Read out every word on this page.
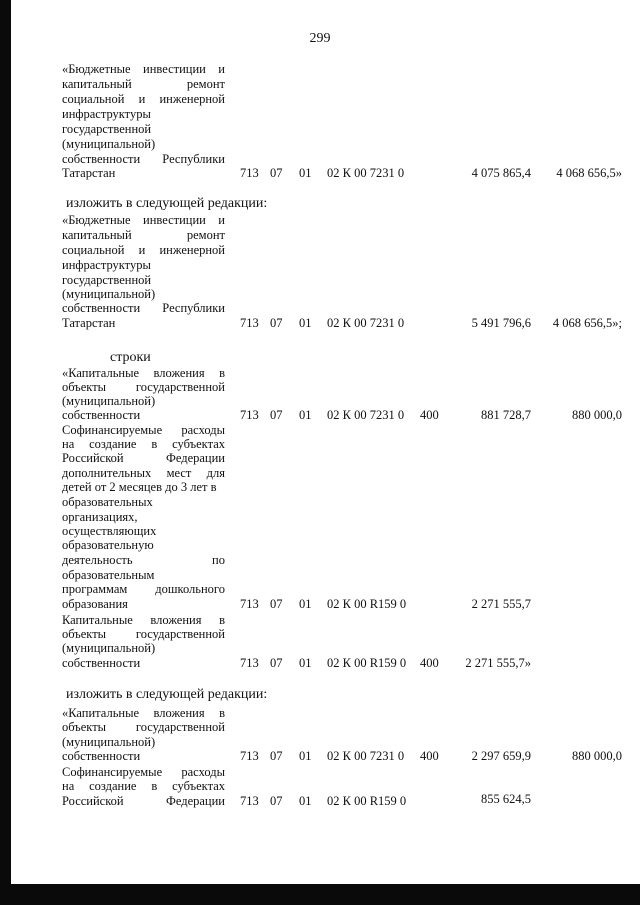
299
«Бюджетные инвестиции и
капитальный ремонт
социальной и инженерной
инфраструктуры
государственной
(муниципальной)
собственности Республики
Татарстан	713 07 01 02 К 00 7231 0	4 075 865,4	4 068 656,5»
изложить в следующей редакции:
«Бюджетные инвестиции и
капитальный ремонт
социальной и инженерной
инфраструктуры
государственной
(муниципальной)
собственности Республики
Татарстан	713 07 01 02 К 00 7231 0	5 491 796,6	4 068 656,5»;
строки
«Капитальные вложения в
объекты государственной
(муниципальной)
собственности	713 07 01 02 К 00 7231 0 400	881 728,7	880 000,0
Софинансируемые расходы
на создание в субъектах
Российской Федерации
дополнительных мест для
детей от 2 месяцев до 3 лет в
образовательных
организациях,
осуществляющих
образовательную
деятельность по
образовательным
программам дошкольного
образования	713 07 01 02 К 00 R159 0	2 271 555,7
Капитальные вложения в
объекты государственной
(муниципальной)
собственности	713 07 01 02 К 00 R159 0 400	2 271 555,7»
изложить в следующей редакции:
«Капитальные вложения в
объекты государственной
(муниципальной)
собственности	713 07 01 02 К 00 7231 0 400	2 297 659,9	880 000,0
Софинансируемые расходы
на создание в субъектах
Российской Федерации 713 07 01 02 К 00 R159 0	855 624,5
